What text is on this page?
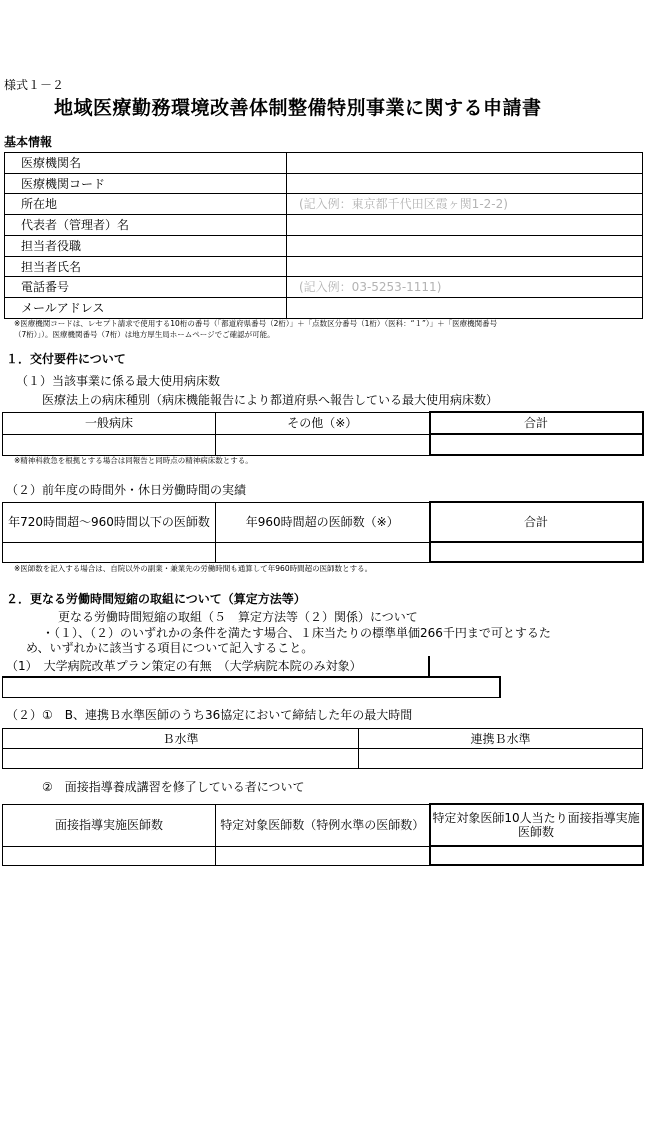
様式１－２
地域医療勤務環境改善体制整備特別事業に関する申請書
基本情報
医療機関名	
医療機関コード	
所在地	(記入例：東京都千代田区霞ヶ関1-2-2)
代表者（管理者）名	
担当者役職	
担当者氏名	
電話番号	(記入例：03-5253-1111)
メールアドレス	
※医療機関コードは、レセプト請求で使用する10桁の番号（「都道府県番号（2桁）」＋「点数区分番号（1桁）（医科：“１”）」＋「医療機関番号
（7桁）」）。医療機関番号（7桁）は地方厚生局ホームページでご確認が可能。
１．交付要件について
（１）当該事業に係る最大使用病床数
医療法上の病床種別（病床機能報告により都道府県へ報告している最大使用病床数）
一般病床	その他（※）	合計

※精神科救急を根拠とする場合は同報告と同時点の精神病床数とする。
（２）前年度の時間外・休日労働時間の実績
年720時間超～960時間以下の医師数	年960時間超の医師数（※）	合計

※医師数を記入する場合は、自院以外の副業・兼業先の労働時間も通算して年960時間超の医師数とする。
２．更なる労働時間短縮の取組について（算定方法等）
更なる労働時間短縮の取組（５　算定方法等（２）関係）について
・（１）、（２）のいずれかの条件を満たす場合、１床当たりの標準単価266千円まで可とするた
め、いずれかに該当する項目について記入すること。
（1）　大学病院改革プラン策定の有無　（大学病院本院のみ対象）
（２）①　B、連携Ｂ水準医師のうち36協定において締結した年の最大時間
Ｂ水準	連携Ｂ水準

②　面接指導養成講習を修了している者について
面接指導実施医師数	特定対象医師数（特例水準の医師数）	特定対象医師10人当たり面接指導実施医師数
